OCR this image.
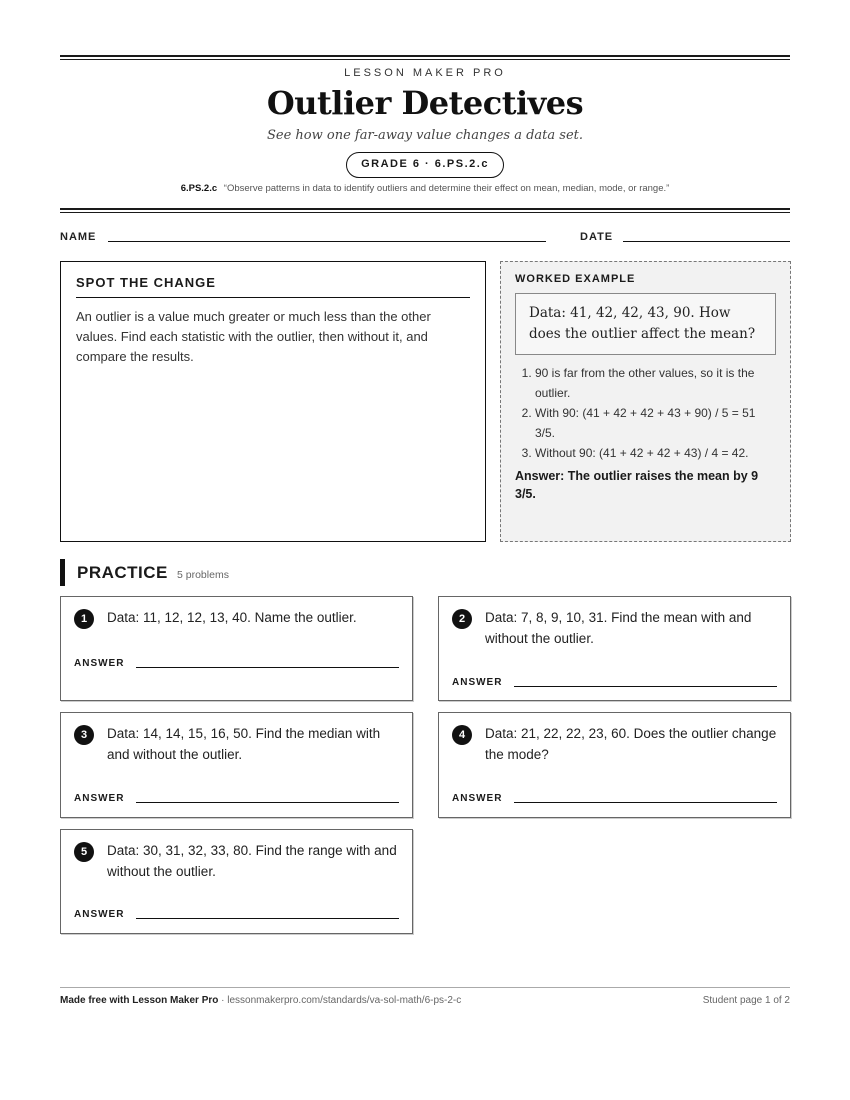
LESSON MAKER PRO
Outlier Detectives
See how one far-away value changes a data set.
GRADE 6 · 6.PS.2.c
6.PS.2.c “Observe patterns in data to identify outliers and determine their effect on mean, median, mode, or range.”
NAME	DATE
SPOT THE CHANGE
An outlier is a value much greater or much less than the other values. Find each statistic with the outlier, then without it, and compare the results.
WORKED EXAMPLE
Data: 41, 42, 42, 43, 90. How does the outlier affect the mean?
1. 90 is far from the other values, so it is the outlier.
2. With 90: (41 + 42 + 42 + 43 + 90) / 5 = 51 3/5.
3. Without 90: (41 + 42 + 42 + 43) / 4 = 42.
Answer: The outlier raises the mean by 9 3/5.
PRACTICE 5 problems
1	Data: 11, 12, 12, 13, 40. Name the outlier.
ANSWER
2	Data: 7, 8, 9, 10, 31. Find the mean with and without the outlier.
ANSWER
3	Data: 14, 14, 15, 16, 50. Find the median with and without the outlier.
ANSWER
4	Data: 21, 22, 22, 23, 60. Does the outlier change the mode?
ANSWER
5	Data: 30, 31, 32, 33, 80. Find the range with and without the outlier.
ANSWER
Made free with Lesson Maker Pro · lessonmakerpro.com/standards/va-sol-math/6-ps-2-c	Student page 1 of 2
